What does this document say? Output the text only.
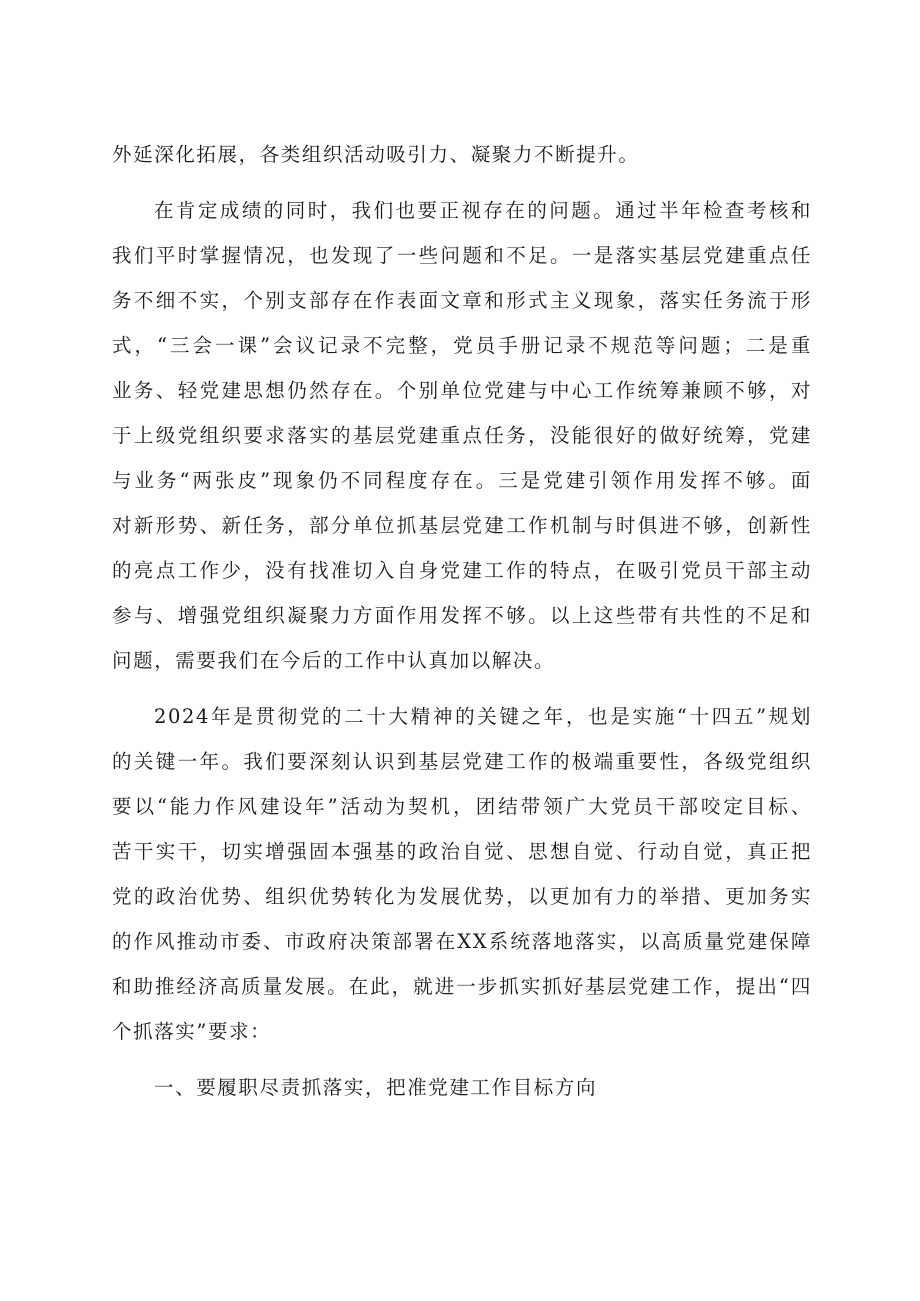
外延深化拓展，各类组织活动吸引力、凝聚力不断提升。
在肯定成绩的同时，我们也要正视存在的问题。通过半年检查考核和
我们平时掌握情况，也发现了一些问题和不足。一是落实基层党建重点任
务不细不实，个别支部存在作表面文章和形式主义现象，落实任务流于形
式，“三会一课”会议记录不完整，党员手册记录不规范等问题；二是重
业务、轻党建思想仍然存在。个别单位党建与中心工作统筹兼顾不够，对
于上级党组织要求落实的基层党建重点任务，没能很好的做好统筹，党建
与业务“两张皮”现象仍不同程度存在。三是党建引领作用发挥不够。面
对新形势、新任务，部分单位抓基层党建工作机制与时俱进不够，创新性
的亮点工作少，没有找准切入自身党建工作的特点，在吸引党员干部主动
参与、增强党组织凝聚力方面作用发挥不够。以上这些带有共性的不足和
问题，需要我们在今后的工作中认真加以解决。
2024年是贯彻党的二十大精神的关键之年，也是实施“十四五”规划
的关键一年。我们要深刻认识到基层党建工作的极端重要性，各级党组织
要以“能力作风建设年”活动为契机，团结带领广大党员干部咬定目标、
苦干实干，切实增强固本强基的政治自觉、思想自觉、行动自觉，真正把
党的政治优势、组织优势转化为发展优势，以更加有力的举措、更加务实
的作风推动市委、市政府决策部署在XX系统落地落实，以高质量党建保障
和助推经济高质量发展。在此，就进一步抓实抓好基层党建工作，提出“四
个抓落实”要求：
一、要履职尽责抓落实，把准党建工作目标方向
